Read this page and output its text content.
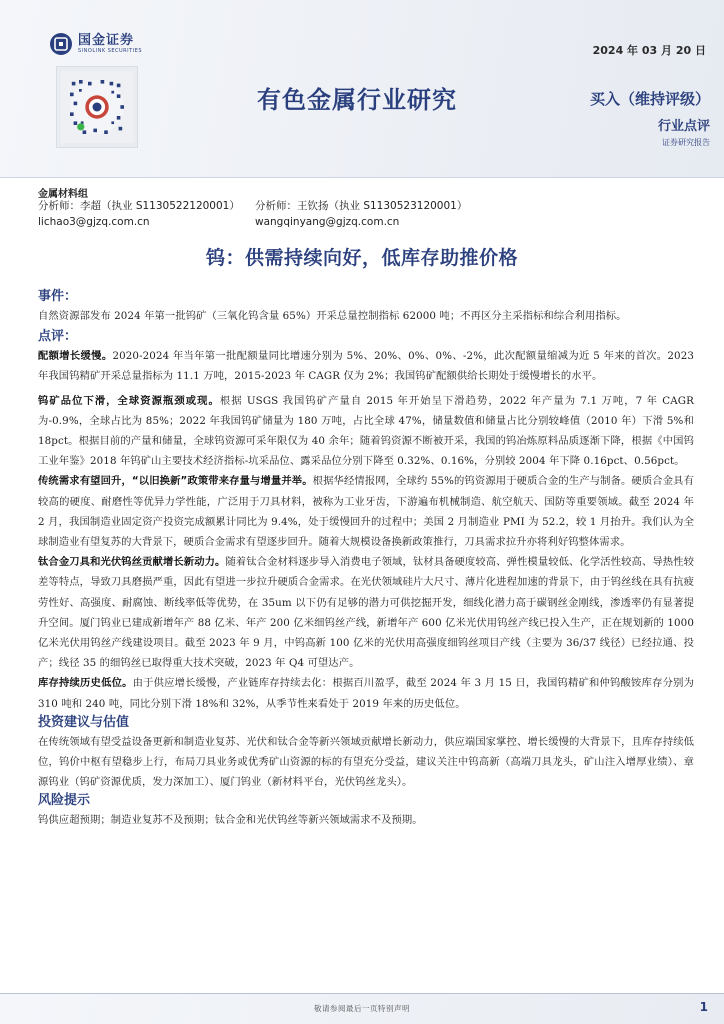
国金证券
SINOLINK SECURITIES	2024 年 03 月 20 日
有色金属行业研究	买入（维持评级）
行业点评
证券研究报告
金属材料组
分析师：李超（执业 S1130522120001）
lichao3@gjzq.com.cn
分析师：王钦扬（执业 S1130523120001）
wangqinyang@gjzq.com.cn
钨：供需持续向好，低库存助推价格
事件：
自然资源部发布 2024 年第一批钨矿（三氧化钨含量 65%）开采总量控制指标 62000 吨；不再区分主采指标和综合利用指标。
点评：
配额增长缓慢。2020-2024 年当年第一批配额量同比增速分别为 5%、20%、0%、0%、-2%，此次配额量缩减为近 5 年来的首次。2023 年我国钨精矿开采总量指标为 11.1 万吨，2015-2023 年 CAGR 仅为 2%；我国钨矿配额供给长期处于缓慢增长的水平。
钨矿品位下滑，全球资源瓶颈或现。根据 USGS 我国钨矿产量自 2015 年开始呈下滑趋势，2022 年产量为 7.1 万吨，7 年 CAGR 为-0.9%，全球占比为 85%；2022 年我国钨矿储量为 180 万吨，占比全球 47%，储量数值和储量占比分别较峰值（2010 年）下滑 5%和 18pct。根据目前的产量和储量，全球钨资源可采年限仅为 40 余年；随着钨资源不断被开采，我国的钨冶炼原料品质逐渐下降，根据《中国钨工业年鉴》2018 年钨矿山主要技术经济指标-坑采品位、露采品位分别下降至 0.32%、0.16%，分别较 2004 年下降 0.16pct、0.56pct。
传统需求有望回升，“以旧换新”政策带来存量与增量并举。根据华经情报网，全球约 55%的钨资源用于硬质合金的生产与制备。硬质合金具有较高的硬度、耐磨性等优异力学性能，广泛用于刀具材料，被称为工业牙齿，下游遍布机械制造、航空航天、国防等重要领域。截至 2024 年 2 月，我国制造业固定资产投资完成额累计同比为 9.4%，处于缓慢回升的过程中；美国 2 月制造业 PMI 为 52.2，较 1 月抬升。我们认为全球制造业有望复苏的大背景下，硬质合金需求有望逐步回升。随着大规模设备换新政策推行，刀具需求拉升亦将利好钨整体需求。
钛合金刀具和光伏钨丝贡献增长新动力。随着钛合金材料逐步导入消费电子领域，钛材具备硬度较高、弹性模量较低、化学活性较高、导热性较差等特点，导致刀具磨损严重，因此有望进一步拉升硬质合金需求。在光伏领域硅片大尺寸、薄片化进程加速的背景下，由于钨丝线在具有抗疲劳性好、高强度、耐腐蚀、断线率低等优势，在 35um 以下仍有足够的潜力可供挖掘开发，细线化潜力高于碳钢丝金刚线，渗透率仍有显著提升空间。厦门钨业已建成新增年产 88 亿米、年产 200 亿米细钨丝产线，新增年产 600 亿米光伏用钨丝产线已投入生产，正在规划新的 1000 亿米光伏用钨丝产线建设项目。截至 2023 年 9 月，中钨高新 100 亿米的光伏用高强度细钨丝项目产线（主要为 36/37 线径）已经拉通、投产；线径 35 的细钨丝已取得重大技术突破，2023 年 Q4 可望达产。
库存持续历史低位。由于供应增长缓慢，产业链库存持续去化：根据百川盈孚，截至 2024 年 3 月 15 日，我国钨精矿和仲钨酸铵库存分别为 310 吨和 240 吨，同比分别下滑 18%和 32%，从季节性来看处于 2019 年来的历史低位。
投资建议与估值
在传统领域有望受益设备更新和制造业复苏、光伏和钛合金等新兴领域贡献增长新动力，供应端国家掌控、增长缓慢的大背景下，且库存持续低位，钨价中枢有望稳步上行，布局刀具业务或优秀矿山资源的标的有望充分受益，建议关注中钨高新（高端刀具龙头，矿山注入增厚业绩）、章源钨业（钨矿资源优质，发力深加工）、厦门钨业（新材料平台，光伏钨丝龙头）。
风险提示
钨供应超预期；制造业复苏不及预期；钛合金和光伏钨丝等新兴领域需求不及预期。
敬请参阅最后一页特别声明	1
